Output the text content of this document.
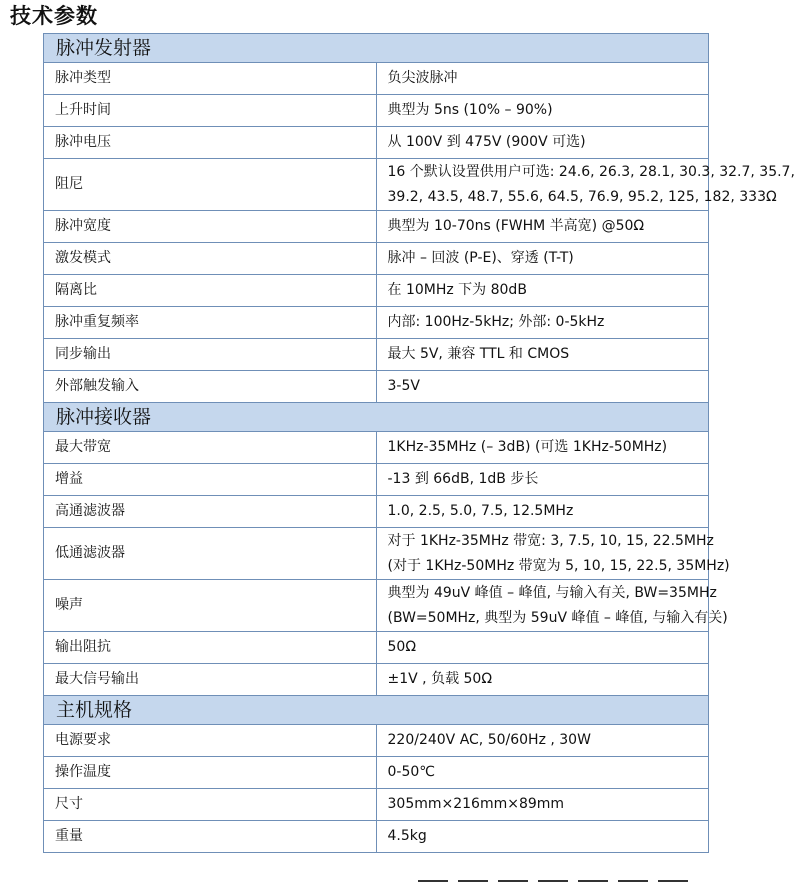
技术参数
脉冲发射器	
脉冲类型	负尖波脉冲

上升时间	典型为 5ns (10% – 90%)

脉冲电压	从 100V 到 475V (900V 可选)

阻尼	16 个默认设置供用户可选: 24.6, 26.3, 28.1, 30.3, 32.7, 35.7,
39.2, 43.5, 48.7, 55.6, 64.5, 76.9, 95.2, 125, 182, 333Ω

脉冲宽度	典型为 10-70ns (FWHM 半高宽) @50Ω

激发模式	脉冲 – 回波 (P-E)、穿透 (T-T)

隔离比	在 10MHz 下为 80dB

脉冲重复频率	内部: 100Hz-5kHz; 外部: 0-5kHz

同步输出	最大 5V, 兼容 TTL 和 CMOS

外部触发输入	3-5V

脉冲接收器	
最大带宽	1KHz-35MHz (– 3dB) (可选 1KHz-50MHz)

增益	-13 到 66dB, 1dB 步长

高通滤波器	1.0, 2.5, 5.0, 7.5, 12.5MHz

低通滤波器	对于 1KHz-35MHz 带宽: 3, 7.5, 10, 15, 22.5MHz
(对于 1KHz-50MHz 带宽为 5, 10, 15, 22.5, 35MHz)

噪声	典型为 49uV 峰值 – 峰值, 与输入有关, BW=35MHz
(BW=50MHz, 典型为 59uV 峰值 – 峰值, 与输入有关)

输出阻抗	50Ω

最大信号输出	±1V , 负载 50Ω

主机规格	
电源要求	220/240V AC, 50/60Hz , 30W

操作温度	0-50℃

尺寸	305mm×216mm×89mm

重量	4.5kg
